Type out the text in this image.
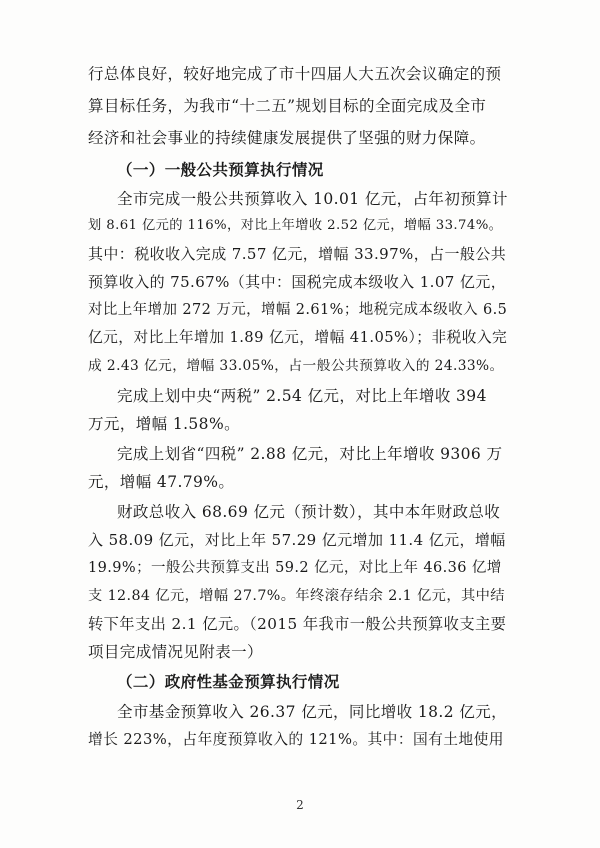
行总体良好，较好地完成了市十四届人大五次会议确定的预
算目标任务，为我市“十二五”规划目标的全面完成及全市
经济和社会事业的持续健康发展提供了坚强的财力保障。
（一）一般公共预算执行情况
全市完成一般公共预算收入 10.01 亿元，占年初预算计
划 8.61 亿元的 116%，对比上年增收 2.52 亿元，增幅 33.74%。
其中：税收收入完成 7.57 亿元，增幅 33.97%，占一般公共
预算收入的 75.67%（其中：国税完成本级收入 1.07 亿元，
对比上年增加 272 万元，增幅 2.61%；地税完成本级收入 6.5
亿元，对比上年增加 1.89 亿元，增幅 41.05%）；非税收入完
成 2.43 亿元，增幅 33.05%，占一般公共预算收入的 24.33%。
完成上划中央“两税” 2.54 亿元，对比上年增收 394
万元，增幅 1.58%。
完成上划省“四税” 2.88 亿元，对比上年增收 9306 万
元，增幅 47.79%。
财政总收入 68.69 亿元（预计数），其中本年财政总收
入 58.09 亿元，对比上年 57.29 亿元增加 11.4 亿元，增幅
19.9%；一般公共预算支出 59.2 亿元，对比上年 46.36 亿增
支 12.84 亿元，增幅 27.7%。年终滚存结余 2.1 亿元，其中结
转下年支出 2.1 亿元。（2015 年我市一般公共预算收支主要
项目完成情况见附表一）
（二）政府性基金预算执行情况
全市基金预算收入 26.37 亿元，同比增收 18.2 亿元，
增长 223%，占年度预算收入的 121%。其中：国有土地使用
2
